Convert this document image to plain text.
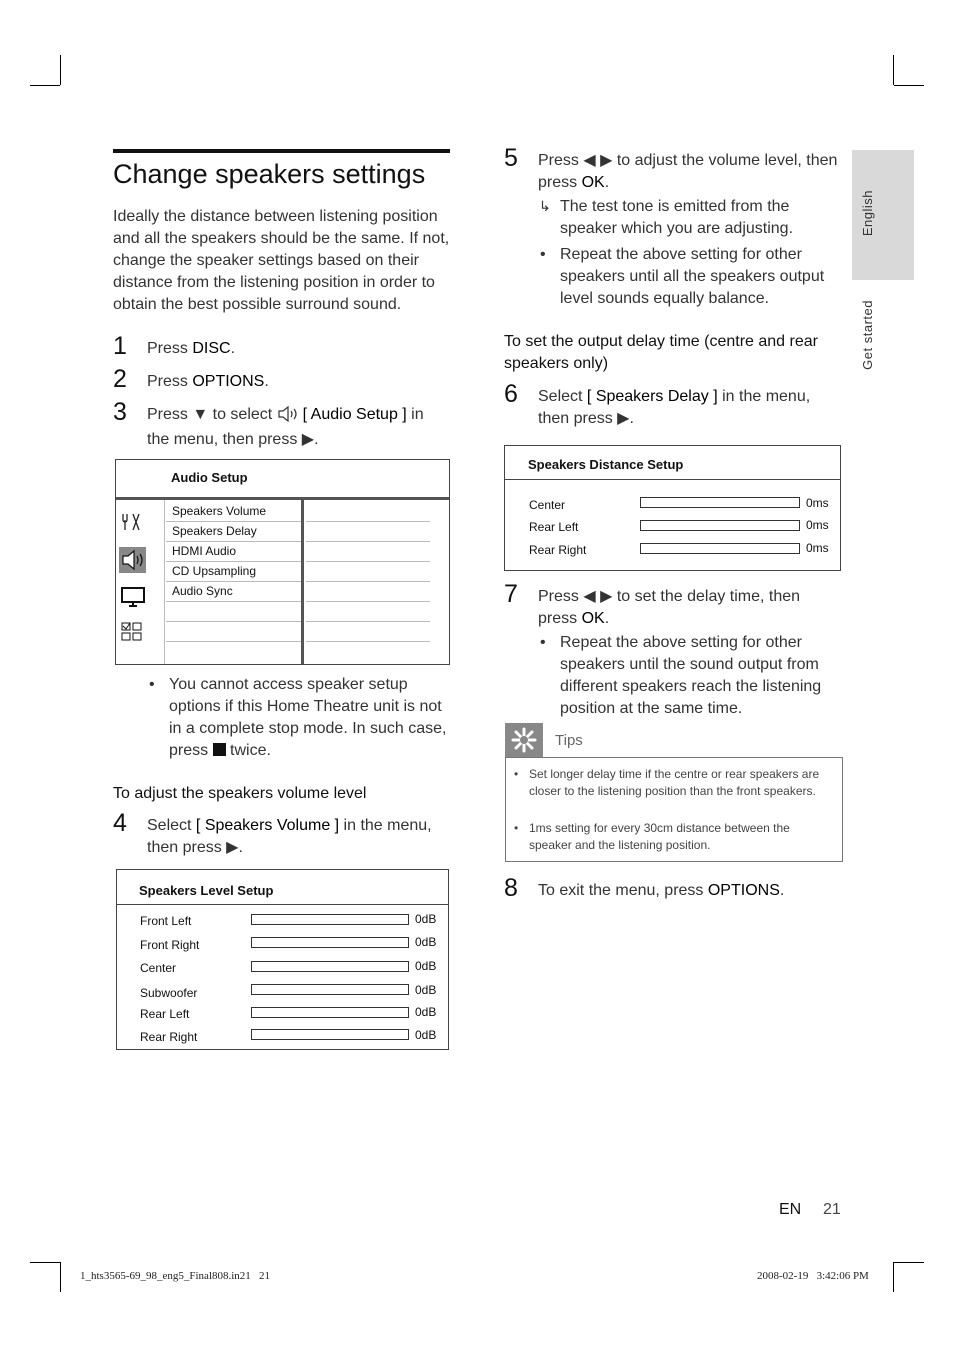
English
Get started
Change speakers settings
Ideally the distance between listening position and all the speakers should be the same. If not, change the speaker settings based on their distance from the listening position in order to obtain the best possible surround sound.
1	Press DISC.
2	Press OPTIONS.
3	Press ▼ to select [ Audio Setup ] in the menu, then press ▶.
Audio Setup
Speakers Volume
Speakers Delay
HDMI Audio
CD Upsampling
Audio Sync
• You cannot access speaker setup options if this Home Theatre unit is not in a complete stop mode. In such case, press  twice.
To adjust the speakers volume level
4	Select [ Speakers Volume ] in the menu, then press ▶.
Speakers Level Setup
Front Left	0dB
Front Right	0dB
Center	0dB
Subwoofer	0dB
Rear Left	0dB
Rear Right	0dB
5	Press ◀ ▶ to adjust the volume level, then press OK.
↳ The test tone is emitted from the speaker which you are adjusting.
• Repeat the above setting for other speakers until all the speakers output level sounds equally balance.
To set the output delay time (centre and rear speakers only)
6	Select [ Speakers Delay ] in the menu, then press ▶.
Speakers Distance Setup
Center	0ms
Rear Left	0ms
Rear Right	0ms
7	Press ◀ ▶ to set the delay time, then press OK.
• Repeat the above setting for other speakers until the sound output from different speakers reach the listening position at the same time.
Tips
• Set longer delay time if the centre or rear speakers are closer to the listening position than the front speakers.
• 1ms setting for every 30cm distance between the speaker and the listening position.
8	To exit the menu, press OPTIONS.
EN 21
1_hts3565-69_98_eng5_Final808.in21   21	2008-02-19   3:42:06 PM
